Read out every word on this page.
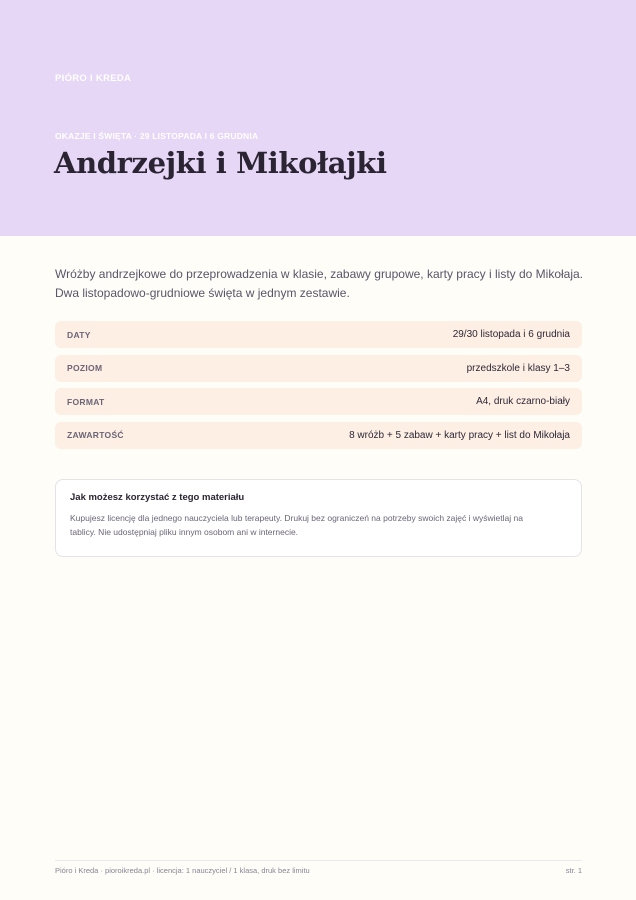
PIÓRO I KREDA
OKAZJE I ŚWIĘTA · 29 LISTOPADA I 6 GRUDNIA
Andrzejki i Mikołajki

Wróżby andrzejkowe do przeprowadzenia w klasie, zabawy grupowe, karty pracy i listy do Mikołaja.
Dwa listopadowo-grudniowe święta w jednym zestawie.

DATY	29/30 listopada i 6 grudnia
POZIOM	przedszkole i klasy 1–3
FORMAT	A4, druk czarno-biały
ZAWARTOŚĆ	8 wróżb + 5 zabaw + karty pracy + list do Mikołaja

Jak możesz korzystać z tego materiału

Kupujesz licencję dla jednego nauczyciela lub terapeuty. Drukuj bez ograniczeń na potrzeby swoich zajęć i wyświetlaj na
tablicy. Nie udostępniaj pliku innym osobom ani w internecie.

Pióro i Kreda · pioroikreda.pl · licencja: 1 nauczyciel / 1 klasa, druk bez limitu	str. 1
